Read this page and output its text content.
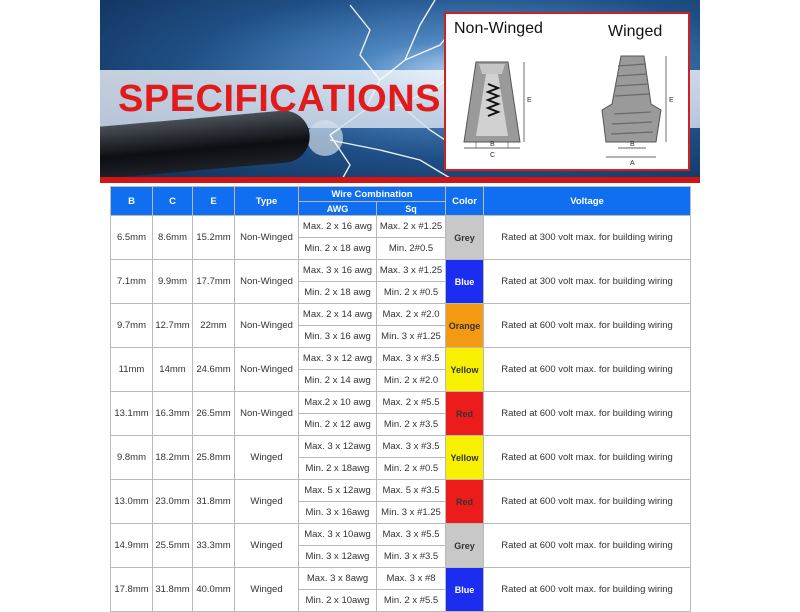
SPECIFICATIONS
Non-Winged	Winged
E
B
C
E
B
A
B	C	E	Type	Wire Combination		Color	Voltage
				AWG	Sq		
6.5mm	8.6mm	15.2mm	Non-Winged	Max. 2 x 16 awg	Max. 2 x #1.25	Grey	Rated at 300 volt max. for building wiring
				Min. 2 x 18 awg	Min. 2#0.5		
7.1mm	9.9mm	17.7mm	Non-Winged	Max. 3 x 16 awg	Max. 3 x #1.25	Blue	Rated at 300 volt max. for building wiring
				Min. 2 x 18 awg	Min. 2 x #0.5		
9.7mm	12.7mm	22mm	Non-Winged	Max. 2 x 14 awg	Max. 2 x #2.0	Orange	Rated at 600 volt max. for building wiring
				Min. 3 x 16 awg	Min. 3 x #1.25		
11mm	14mm	24.6mm	Non-Winged	Max. 3 x 12 awg	Max. 3 x #3.5	Yellow	Rated at 600 volt max. for building wiring
				Min. 2 x 14 awg	Min. 2 x #2.0		
13.1mm	16.3mm	26.5mm	Non-Winged	Max.2 x 10 awg	Max. 2 x #5.5	Red	Rated at 600 volt max. for building wiring
				Min. 2 x 12 awg	Min. 2 x #3.5		
9.8mm	18.2mm	25.8mm	Winged	Max. 3 x 12awg	Max. 3 x #3.5	Yellow	Rated at 600 volt max. for building wiring
				Min. 2 x 18awg	Min. 2 x #0.5		
13.0mm	23.0mm	31.8mm	Winged	Max. 5 x 12awg	Max. 5 x #3.5	Red	Rated at 600 volt max. for building wiring
				Min. 3 x 16awg	Min. 3 x #1.25		
14.9mm	25.5mm	33.3mm	Winged	Max. 3 x 10awg	Max. 3 x #5.5	Grey	Rated at 600 volt max. for building wiring
				Min. 3 x 12awg	Min. 3 x #3.5		
17.8mm	31.8mm	40.0mm	Winged	Max. 3 x 8awg	Max. 3 x #8	Blue	Rated at 600 volt max. for building wiring
				Min. 2 x 10awg	Min. 2 x #5.5		
